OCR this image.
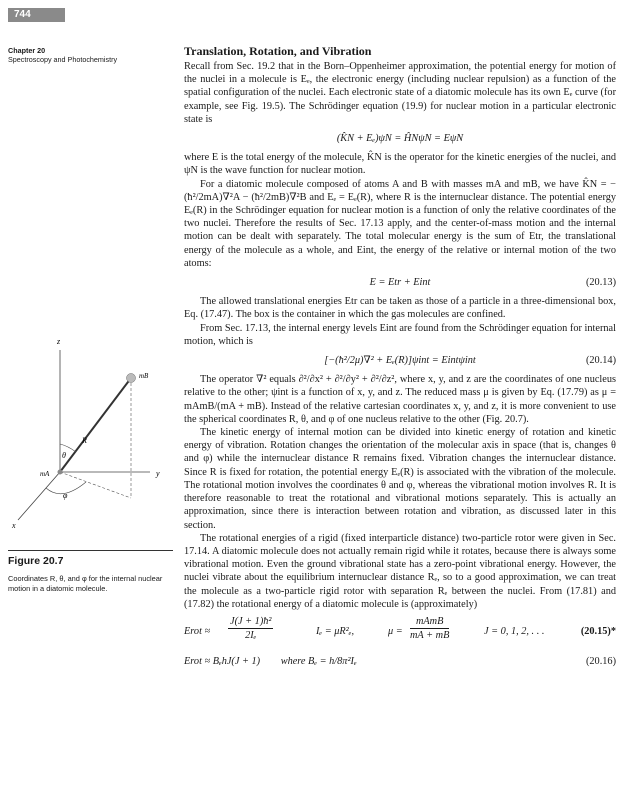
744
Chapter 20
Spectroscopy and Photochemistry
z
y
x
mB
mA
R
θ
φ
Figure 20.7
Coordinates R, θ, and φ for the internal nuclear motion in a diatomic molecule.
Translation, Rotation, and Vibration

Recall from Sec. 19.2 that in the Born–Oppenheimer approximation, the potential energy for motion of the nuclei in a molecule is Eₑ, the electronic energy (including nuclear repulsion) as a function of the spatial configuration of the nuclei. Each electronic state of a diatomic molecule has its own Eₑ curve (for example, see Fig. 19.5). The Schrödinger equation (19.9) for nuclear motion in a particular electronic state is

(K̂N + Eₑ)ψN = ĤNψN = EψN

where E is the total energy of the molecule, K̂N is the operator for the kinetic energies of the nuclei, and ψN is the wave function for nuclear motion.

For a diatomic molecule composed of atoms A and B with masses mA and mB, we have K̂N = −(ħ²/2mA)∇²A − (ħ²/2mB)∇²B and Eₑ = Eₑ(R), where R is the internuclear distance. The potential energy Eₑ(R) in the Schrödinger equation for nuclear motion is a function of only the relative coordinates of the two nuclei. Therefore the results of Sec. 17.13 apply, and the center-of-mass motion and the internal motion can be dealt with separately. The total molecular energy is the sum of Etr, the translational energy of the molecule as a whole, and Eint, the energy of the relative or internal motion of the two atoms:

E = Etr + Eint	(20.13)

The allowed translational energies Etr can be taken as those of a particle in a three-dimensional box, Eq. (17.47). The box is the container in which the gas molecules are confined.

From Sec. 17.13, the internal energy levels Eint are found from the Schrödinger equation for internal motion, which is

[−(ħ²/2μ)∇² + Eₑ(R)]ψint = Eintψint	(20.14)

The operator ∇² equals ∂²/∂x² + ∂²/∂y² + ∂²/∂z², where x, y, and z are the coordinates of one nucleus relative to the other; ψint is a function of x, y, and z. The reduced mass μ is given by Eq. (17.79) as μ = mAmB/(mA + mB). Instead of the relative cartesian coordinates x, y, and z, it is more convenient to use the spherical coordinates R, θ, and φ of one nucleus relative to the other (Fig. 20.7).

The kinetic energy of internal motion can be divided into kinetic energy of rotation and kinetic energy of vibration. Rotation changes the orientation of the molecular axis in space (that is, changes θ and φ) while the internuclear distance R remains fixed. Vibration changes the internuclear distance. Since R is fixed for rotation, the potential energy Eₑ(R) is associated with the vibration of the molecule. The rotational motion involves the coordinates θ and φ, whereas the vibrational motion involves R. It is therefore reasonable to treat the rotational and vibrational motions separately. This is actually an approximation, since there is interaction between rotation and vibration, as discussed later in this section.

The rotational energies of a rigid (fixed interparticle distance) two-particle rotor were given in Sec. 17.14. A diatomic molecule does not actually remain rigid while it rotates, because there is always some vibrational motion. Even the ground vibrational state has a zero-point vibrational energy. However, the nuclei vibrate about the equilibrium internuclear distance Rₑ, so to a good approximation, we can treat the molecule as a two-particle rigid rotor with separation Rₑ between the nuclei. From (17.81) and (17.82) the rotational energy of a diatomic molecule is (approximately)

Erot ≈ $\frac{\text{J(J + 1)ħ²}}{\text{2Iₑ}}$	Iₑ = μR²ₑ,	μ =
mAmB
mA + mB	J = 0, 1, 2, . . .	(20.15)*
Erot ≈ BₑhJ(J + 1)        where Bₑ = h/8π²Iₑ	(20.16)
